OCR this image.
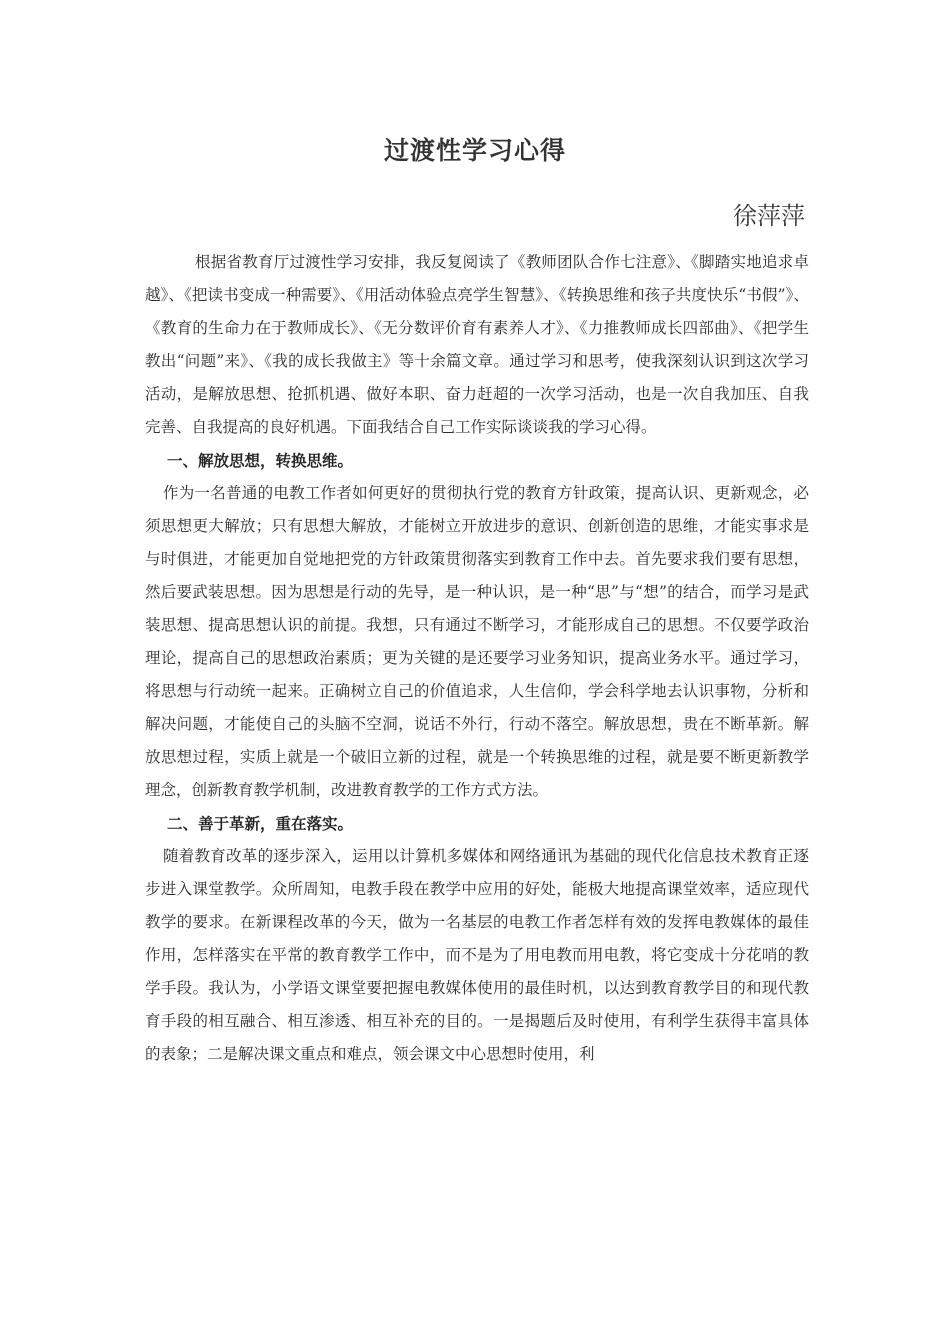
过渡性学习心得
徐萍萍

根据省教育厅过渡性学习安排，我反复阅读了《教师团队合作七注意》、《脚踏实地追求卓越》、《把读书变成一种需要》、《用活动体验点亮学生智慧》、《转换思维和孩子共度快乐“书假”》、《教育的生命力在于教师成长》、《无分数评价育有素养人才》、《力推教师成长四部曲》、《把学生教出“问题”来》、《我的成长我做主》等十余篇文章。通过学习和思考，使我深刻认识到这次学习活动，是解放思想、抢抓机遇、做好本职、奋力赶超的一次学习活动，也是一次自我加压、自我完善、自我提高的良好机遇。下面我结合自己工作实际谈谈我的学习心得。

一、解放思想，转换思维。

作为一名普通的电教工作者如何更好的贯彻执行党的教育方针政策，提高认识、更新观念，必须思想更大解放；只有思想大解放，才能树立开放进步的意识、创新创造的思维，才能实事求是与时俱进，才能更加自觉地把党的方针政策贯彻落实到教育工作中去。首先要求我们要有思想，然后要武装思想。因为思想是行动的先导，是一种认识，是一种“思”与“想”的结合，而学习是武装思想、提高思想认识的前提。我想，只有通过不断学习，才能形成自己的思想。不仅要学政治理论，提高自己的思想政治素质；更为关键的是还要学习业务知识，提高业务水平。通过学习，将思想与行动统一起来。正确树立自己的价值追求，人生信仰，学会科学地去认识事物，分析和解决问题，才能使自己的头脑不空洞，说话不外行，行动不落空。解放思想，贵在不断革新。解放思想过程，实质上就是一个破旧立新的过程，就是一个转换思维的过程，就是要不断更新教学理念，创新教育教学机制，改进教育教学的工作方式方法。

二、善于革新，重在落实。

随着教育改革的逐步深入，运用以计算机多媒体和网络通讯为基础的现代化信息技术教育正逐步进入课堂教学。众所周知，电教手段在教学中应用的好处，能极大地提高课堂效率，适应现代教学的要求。在新课程改革的今天，做为一名基层的电教工作者怎样有效的发挥电教媒体的最佳作用，怎样落实在平常的教育教学工作中，而不是为了用电教而用电教，将它变成十分花哨的教学手段。我认为，小学语文课堂要把握电教媒体使用的最佳时机，以达到教育教学目的和现代教育手段的相互融合、相互渗透、相互补充的目的。一是揭题后及时使用，有利学生获得丰富具体的表象；二是解决课文重点和难点，领会课文中心思想时使用，利
